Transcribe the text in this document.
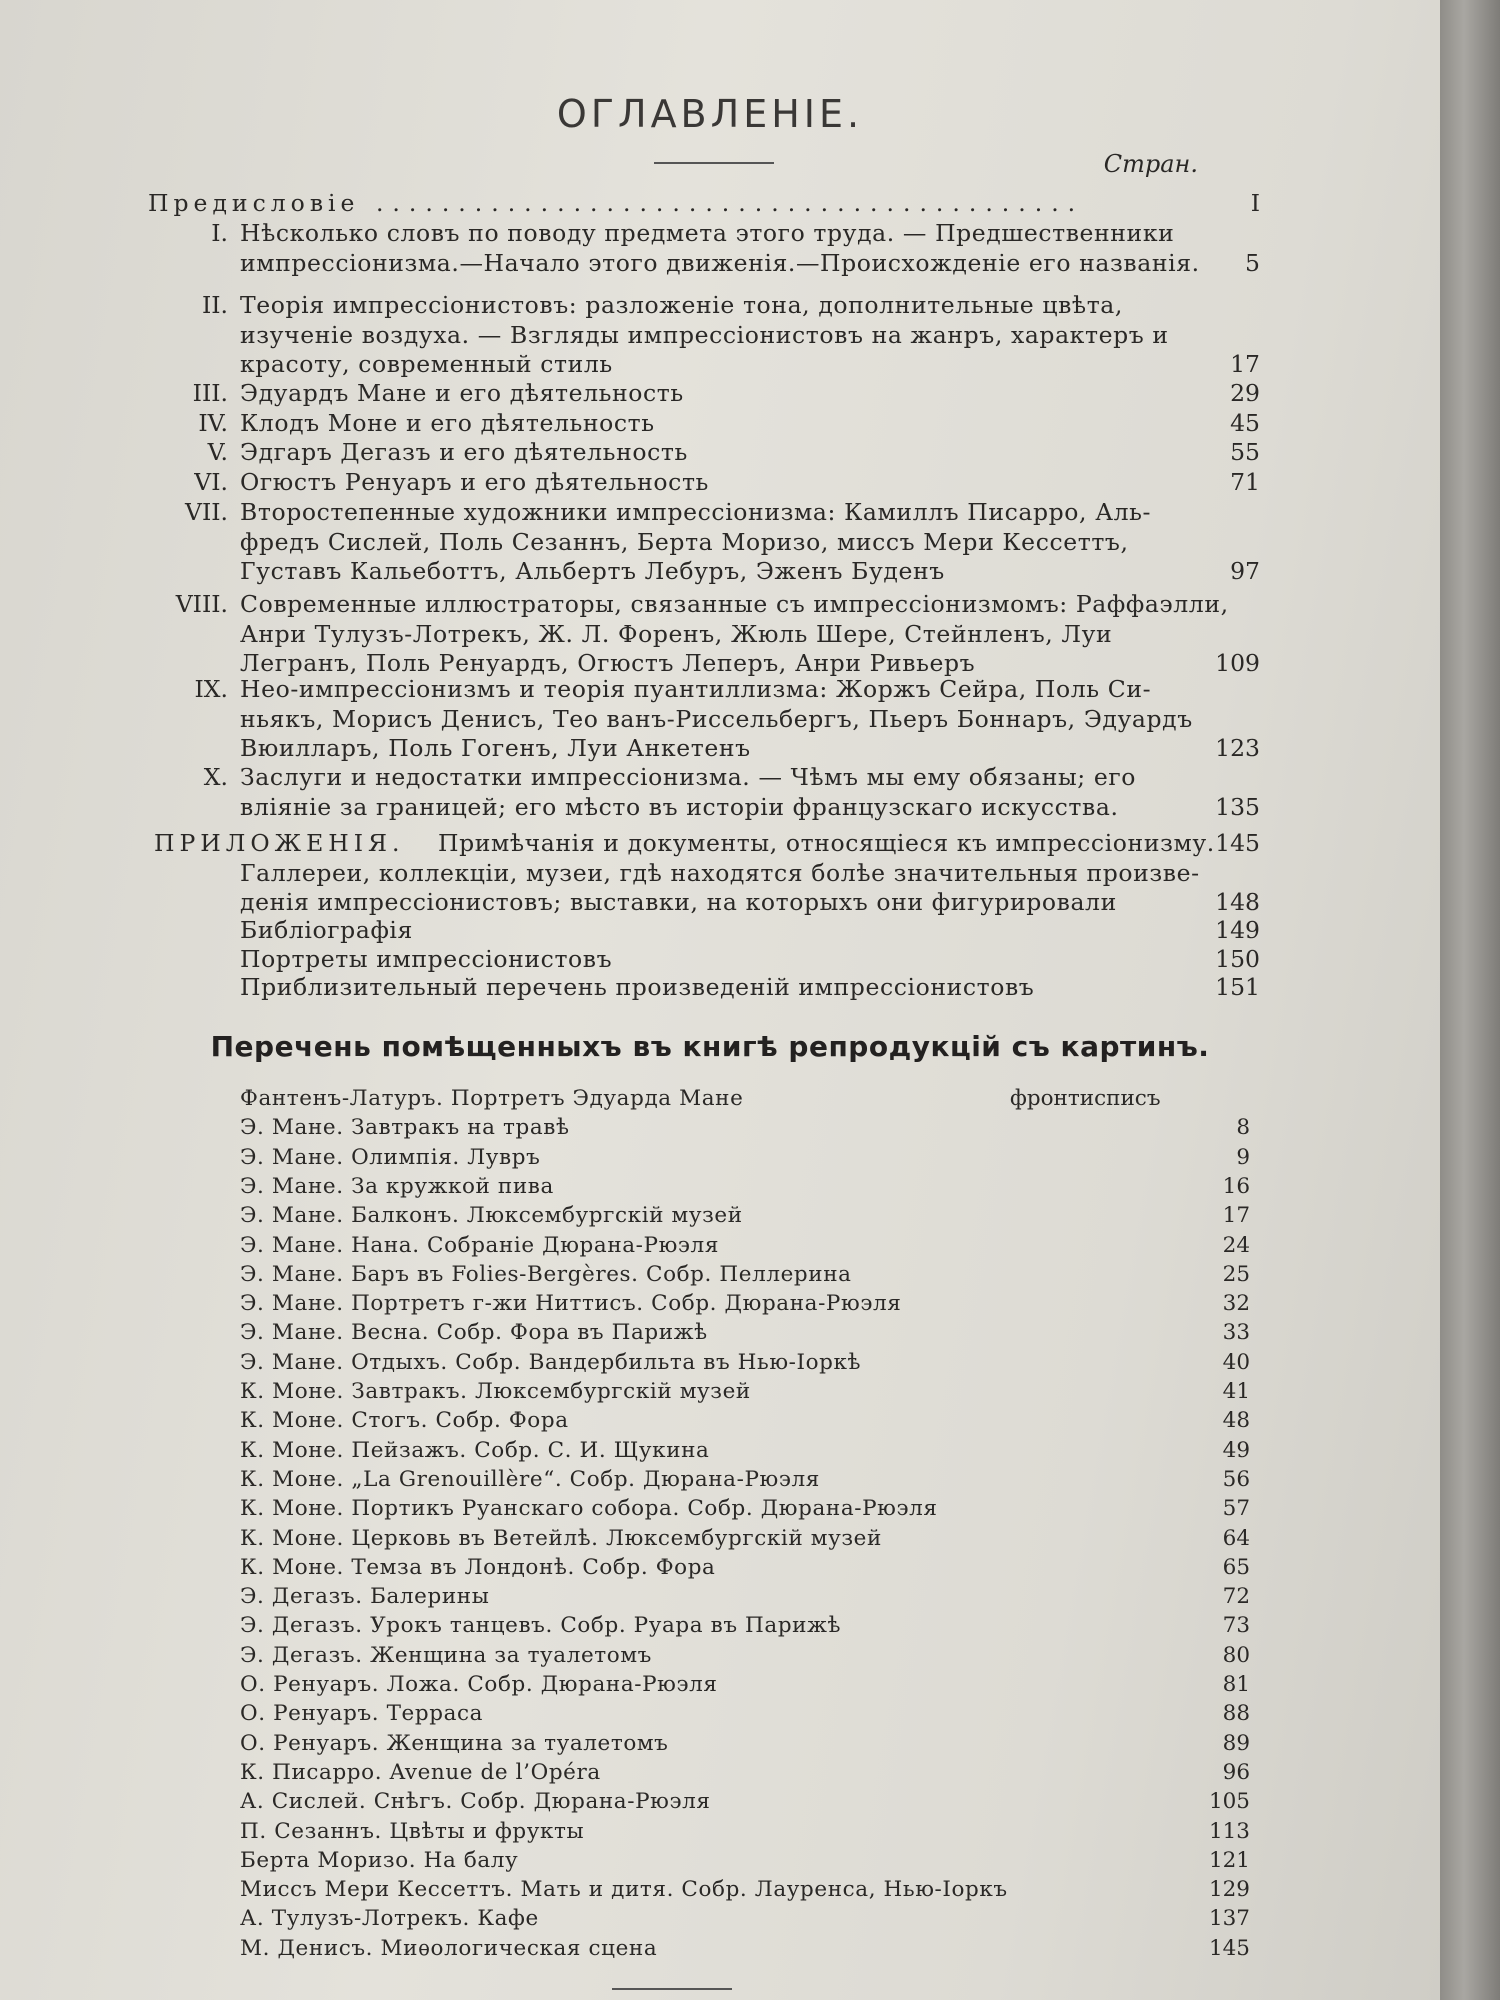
ОГЛАВЛЕНІЕ.
Стран.
Предисловіе ...........................................	I
I. Нѣсколько словъ по поводу предмета этого труда. — Предшественники
импрессіонизма.—Начало этого движенія.—Происхожденіе его названія.	5
II. Теорія импрессіонистовъ: разложеніе тона, дополнительные цвѣта,
изученіе воздуха. — Взгляды импрессіонистовъ на жанръ, характеръ и
красоту, современный стиль	17
III. Эдуардъ Мане и его дѣятельность	29
IV. Клодъ Моне и его дѣятельность	45
V. Эдгаръ Дегазъ и его дѣятельность	55
VI. Огюстъ Ренуаръ и его дѣятельность	71
VII. Второстепенные художники импрессіонизма: Камиллъ Писарро, Аль-
фредъ Сислей, Поль Сезаннъ, Берта Моризо, миссъ Мери Кессеттъ,
Густавъ Кальеботтъ, Альбертъ Лебуръ, Эженъ Буденъ	97
VIII. Современные иллюстраторы, связанные съ импрессіонизмомъ: Раффаэлли,
Анри Тулузъ-Лотрекъ, Ж. Л. Форенъ, Жюль Шере, Стейнленъ, Луи
Легранъ, Поль Ренуардъ, Огюстъ Леперъ, Анри Ривьеръ	109
IX. Нео-импрессіонизмъ и теорія пуантиллизма: Жоржъ Сейра, Поль Си-
ньякъ, Морисъ Денисъ, Тео ванъ-Риссельбергъ, Пьеръ Боннаръ, Эдуардъ
Вюилларъ, Поль Гогенъ, Луи Анкетенъ	123
X. Заслуги и недостатки импрессіонизма. — Чѣмъ мы ему обязаны; его
вліяніе за границей; его мѣсто въ исторіи французскаго искусства.	135
ПРИЛОЖЕНІЯ. Примѣчанія и документы, относящіеся къ импрессіонизму. 145
Галлереи, коллекціи, музеи, гдѣ находятся болѣе значительныя произве-
денія импрессіонистовъ; выставки, на которыхъ они фигурировали	148
Библіографія	149
Портреты импрессіонистовъ	150
Приблизительный перечень произведеній импрессіонистовъ	151
Перечень помѣщенныхъ въ книгѣ репродукцій съ картинъ.
Фантенъ-Латуръ. Портретъ Эдуарда Мане	фронтисписъ
Э. Мане. Завтракъ на травѣ	8
Э. Мане. Олимпія. Лувръ	9
Э. Мане. За кружкой пива	16
Э. Мане. Балконъ. Люксембургскій музей	17
Э. Мане. Нана. Собраніе Дюрана-Рюэля	24
Э. Мане. Баръ въ Folies-Bergères. Собр. Пеллерина	25
Э. Мане. Портретъ г-жи Ниттисъ. Собр. Дюрана-Рюэля	32
Э. Мане. Весна. Собр. Фора въ Парижѣ	33
Э. Мане. Отдыхъ. Собр. Вандербильта въ Нью-Іоркѣ	40
К. Моне. Завтракъ. Люксембургскій музей	41
К. Моне. Стогъ. Собр. Фора	48
К. Моне. Пейзажъ. Собр. С. И. Щукина	49
К. Моне. „La Grenouillère“. Собр. Дюрана-Рюэля	56
К. Моне. Портикъ Руанскаго собора. Собр. Дюрана-Рюэля	57
К. Моне. Церковь въ Ветейлѣ. Люксембургскій музей	64
К. Моне. Темза въ Лондонѣ. Собр. Фора	65
Э. Дегазъ. Балерины	72
Э. Дегазъ. Урокъ танцевъ. Собр. Руара въ Парижѣ	73
Э. Дегазъ. Женщина за туалетомъ	80
О. Ренуаръ. Ложа. Собр. Дюрана-Рюэля	81
О. Ренуаръ. Терраса	88
О. Ренуаръ. Женщина за туалетомъ	89
К. Писарро. Avenue de l’Opéra	96
А. Сислей. Снѣгъ. Собр. Дюрана-Рюэля	105
П. Сезаннъ. Цвѣты и фрукты	113
Берта Моризо. На балу	121
Миссъ Мери Кессеттъ. Мать и дитя. Собр. Лауренса, Нью-Іоркъ	129
А. Тулузъ-Лотрекъ. Кафе	137
М. Денисъ. Миѳологическая сцена	145
